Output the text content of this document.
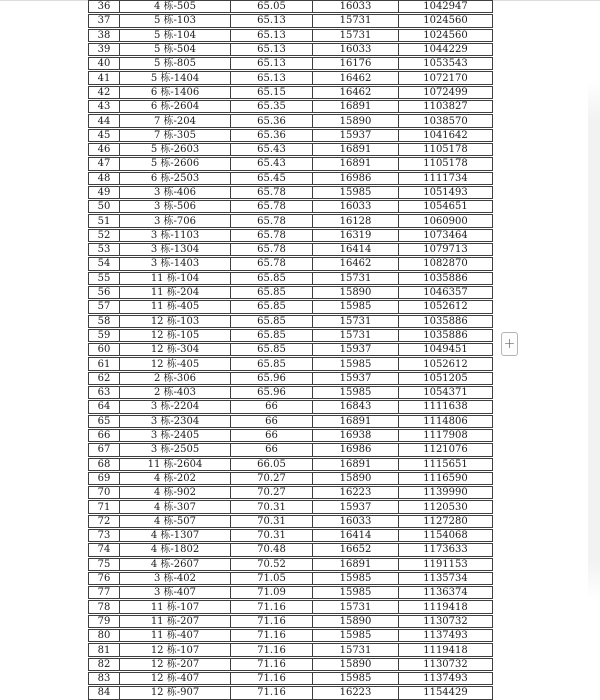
36	4 栋-505	65.05	16033	1042947
37	5 栋-103	65.13	15731	1024560
38	5 栋-104	65.13	15731	1024560
39	5 栋-504	65.13	16033	1044229
40	5 栋-805	65.13	16176	1053543
41	5 栋-1404	65.13	16462	1072170
42	6 栋-1406	65.15	16462	1072499
43	6 栋-2604	65.35	16891	1103827
44	7 栋-204	65.36	15890	1038570
45	7 栋-305	65.36	15937	1041642
46	5 栋-2603	65.43	16891	1105178
47	5 栋-2606	65.43	16891	1105178
48	6 栋-2503	65.45	16986	1111734
49	3 栋-406	65.78	15985	1051493
50	3 栋-506	65.78	16033	1054651
51	3 栋-706	65.78	16128	1060900
52	3 栋-1103	65.78	16319	1073464
53	3 栋-1304	65.78	16414	1079713
54	3 栋-1403	65.78	16462	1082870
55	11 栋-104	65.85	15731	1035886
56	11 栋-204	65.85	15890	1046357
57	11 栋-405	65.85	15985	1052612
58	12 栋-103	65.85	15731	1035886
59	12 栋-105	65.85	15731	1035886
60	12 栋-304	65.85	15937	1049451
61	12 栋-405	65.85	15985	1052612
62	2 栋-306	65.96	15937	1051205
63	2 栋-403	65.96	15985	1054371
64	3 栋-2204	66	16843	1111638
65	3 栋-2304	66	16891	1114806
66	3 栋-2405	66	16938	1117908
67	3 栋-2505	66	16986	1121076
68	11 栋-2604	66.05	16891	1115651
69	4 栋-202	70.27	15890	1116590
70	4 栋-902	70.27	16223	1139990
71	4 栋-307	70.31	15937	1120530
72	4 栋-507	70.31	16033	1127280
73	4 栋-1307	70.31	16414	1154068
74	4 栋-1802	70.48	16652	1173633
75	4 栋-2607	70.52	16891	1191153
76	3 栋-402	71.05	15985	1135734
77	3 栋-407	71.09	15985	1136374
78	11 栋-107	71.16	15731	1119418
79	11 栋-207	71.16	15890	1130732
80	11 栋-407	71.16	15985	1137493
81	12 栋-107	71.16	15731	1119418
82	12 栋-207	71.16	15890	1130732
83	12 栋-407	71.16	15985	1137493
84	12 栋-907	71.16	16223	1154429
+
